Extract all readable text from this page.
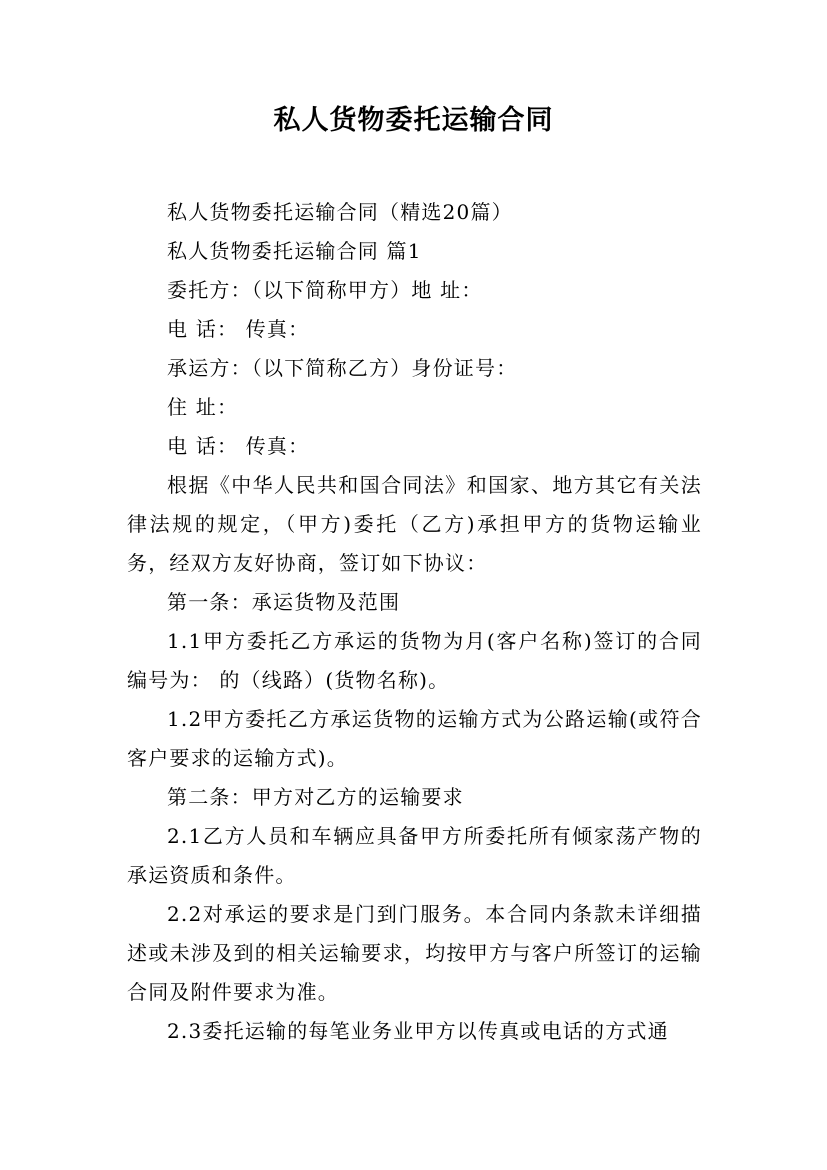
私人货物委托运输合同

私人货物委托运输合同（精选20篇）

私人货物委托运输合同 篇1

委托方：（以下简称甲方）地 址：

电 话： 传真：

承运方：（以下简称乙方）身份证号：

住 址：

电 话： 传真：

根据《中华人民共和国合同法》和国家、地方其它有关法律法规的规定，（甲方)委托（乙方)承担甲方的货物运输业务，经双方友好协商，签订如下协议：

第一条：承运货物及范围

1.1甲方委托乙方承运的货物为月(客户名称)签订的合同编号为： 的（线路）(货物名称)。

1.2甲方委托乙方承运货物的运输方式为公路运输(或符合客户要求的运输方式)。

第二条：甲方对乙方的运输要求

2.1乙方人员和车辆应具备甲方所委托所有倾家荡产物的承运资质和条件。

2.2对承运的要求是门到门服务。本合同内条款未详细描述或未涉及到的相关运输要求，均按甲方与客户所签订的运输合同及附件要求为准。

2.3委托运输的每笔业务业甲方以传真或电话的方式通
